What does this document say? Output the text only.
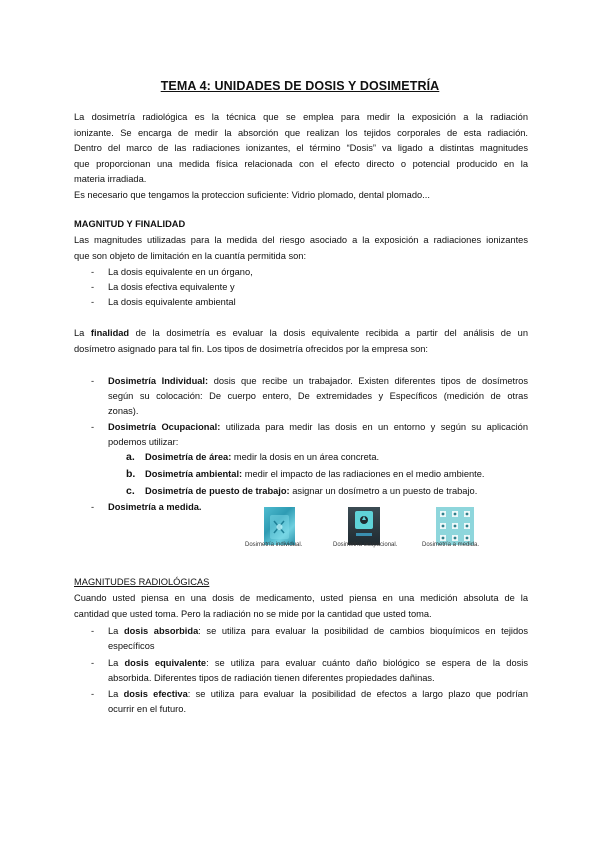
TEMA 4: UNIDADES DE DOSIS Y DOSIMETRÍA
La dosimetría radiológica es la técnica que se emplea para medir la exposición a la radiación
ionizante. Se encarga de medir la absorción que realizan los tejidos corporales de esta radiación.
Dentro del marco de las radiaciones ionizantes, el término “Dosis” va ligado a distintas magnitudes
que proporcionan una medida física relacionada con el efecto directo o potencial producido en la
materia irradiada.
Es necesario que tengamos la proteccion suficiente: Vidrio plomado, dental plomado...
MAGNITUD Y FINALIDAD
Las magnitudes utilizadas para la medida del riesgo asociado a la exposición a radiaciones ionizantes
que son objeto de limitación en la cuantía permitida son:
- La dosis equivalente en un órgano,
- La dosis efectiva equivalente y
- La dosis equivalente ambiental
La finalidad de la dosimetría es evaluar la dosis equivalente recibida a partir del análisis de un
dosímetro asignado para tal fin. Los tipos de dosimetría ofrecidos por la empresa son:
- Dosimetría Individual: dosis que recibe un trabajador. Existen diferentes tipos de dosímetros
según su colocación: De cuerpo entero, De extremidades y Específicos (medición de otras
zonas).
- Dosimetría Ocupacional: utilizada para medir las dosis en un entorno y según su aplicación
podemos utilizar:
a. Dosimetría de área: medir la dosis en un área concreta.
b. Dosimetría ambiental: medir el impacto de las radiaciones en el medio ambiente.
c. Dosimetría de puesto de trabajo: asignar un dosímetro a un puesto de trabajo.
- Dosimetría a medida.
Dosimetría individual.	Dosimetría ocupacional.	Dosimetría a medida.
MAGNITUDES RADIOLÓGICAS
Cuando usted piensa en una dosis de medicamento, usted piensa en una medición absoluta de la
cantidad que usted toma. Pero la radiación no se mide por la cantidad que usted toma.
- La dosis absorbida: se utiliza para evaluar la posibilidad de cambios bioquímicos en tejidos
específicos
- La dosis equivalente: se utiliza para evaluar cuánto daño biológico se espera de la dosis
absorbida. Diferentes tipos de radiación tienen diferentes propiedades dañinas.
- La dosis efectiva: se utiliza para evaluar la posibilidad de efectos a largo plazo que podrían
ocurrir en el futuro.
